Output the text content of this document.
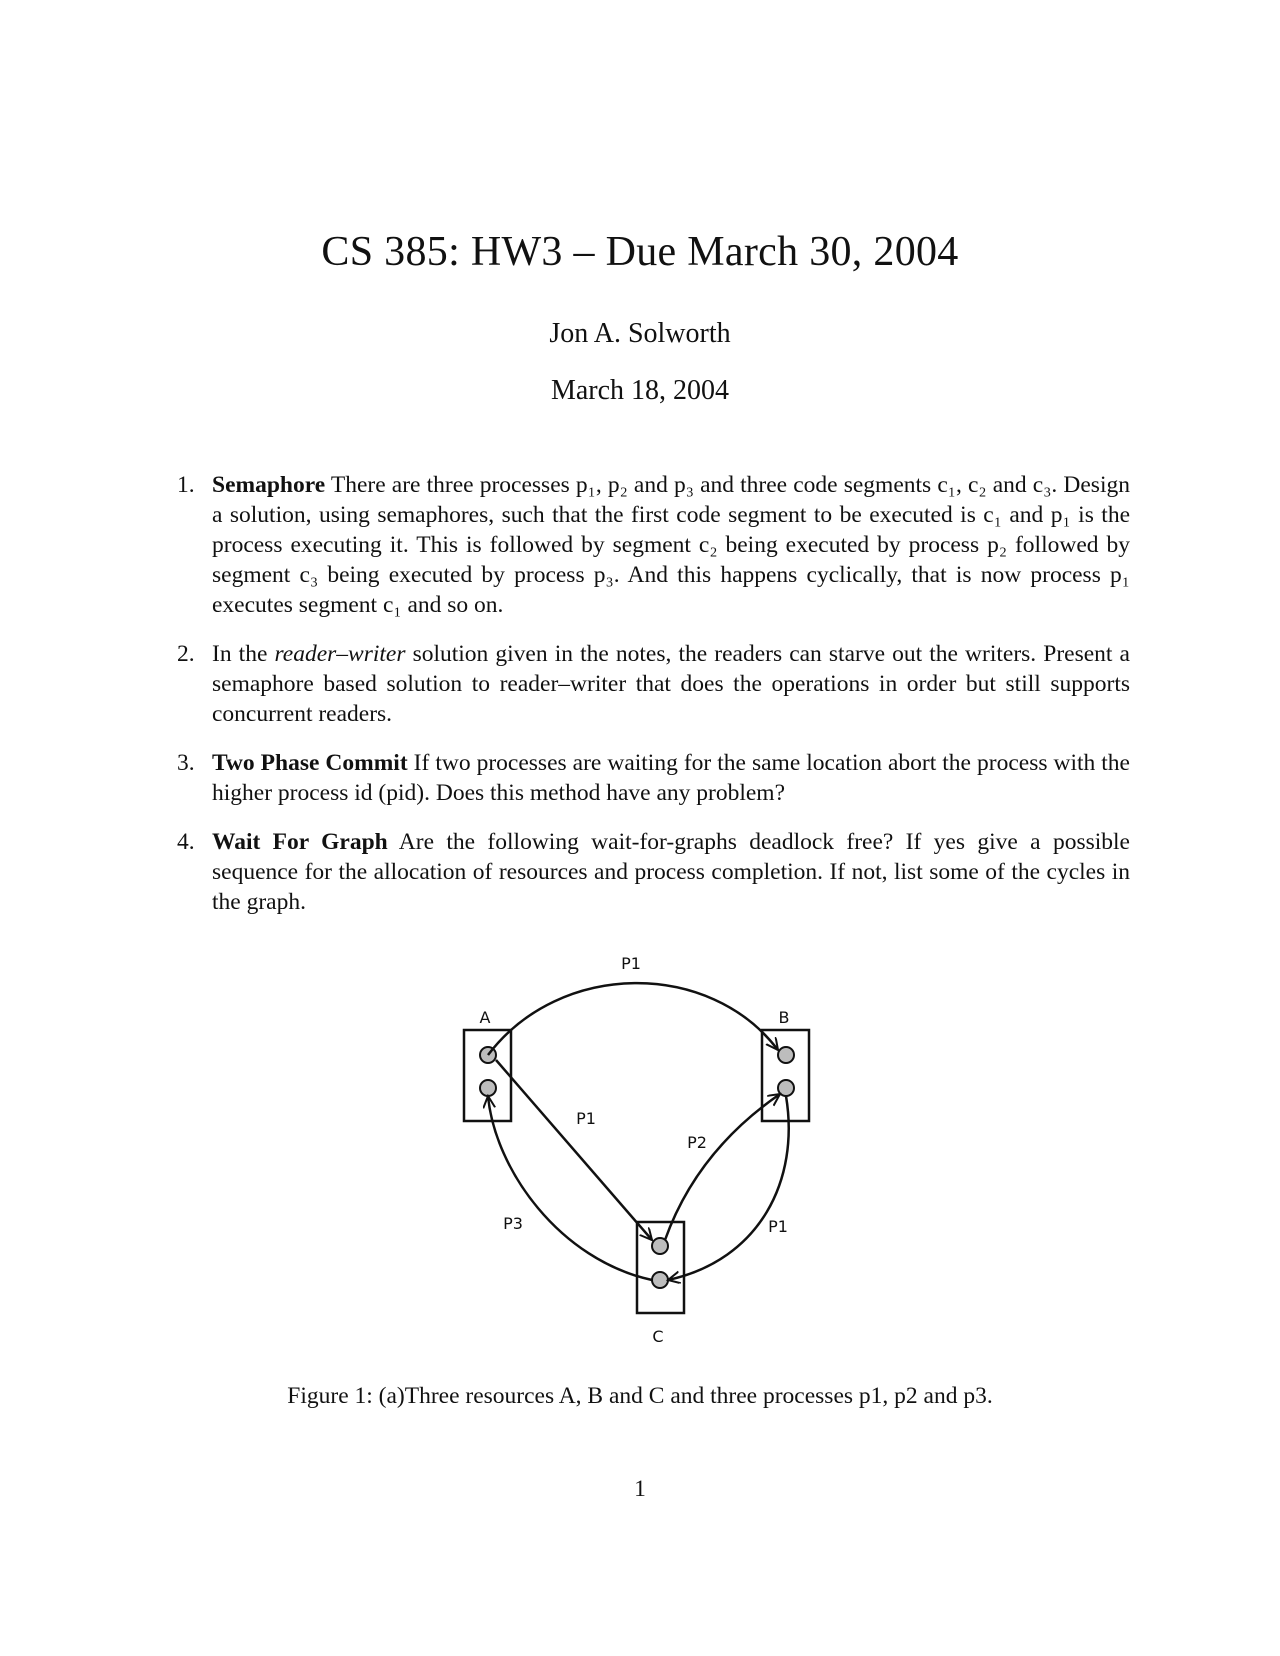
CS 385: HW3 – Due March 30, 2004
Jon A. Solworth
March 18, 2004
1. Semaphore There are three processes p₁, p₂ and p₃ and three code segments c₁, c₂ and c₃. Design a solution, using semaphores, such that the first code segment to be executed is c₁ and p₁ is the process executing it. This is followed by segment c₂ being executed by process p₂ followed by segment c₃ being executed by process p₃. And this happens cyclically, that is now process p₁ executes segment c₁ and so on.
2. In the reader–writer solution given in the notes, the readers can starve out the writers. Present a semaphore based solution to reader–writer that does the operations in order but still supports concurrent readers.
3. Two Phase Commit If two processes are waiting for the same location abort the process with the higher process id (pid). Does this method have any problem?
4. Wait For Graph Are the following wait-for-graphs deadlock free? If yes give a possible sequence for the allocation of resources and process completion. If not, list some of the cycles in the graph.
A	B
C
P1
P1
P2
P3	P1
Figure 1: (a)Three resources A, B and C and three processes p1, p2 and p3.
1
